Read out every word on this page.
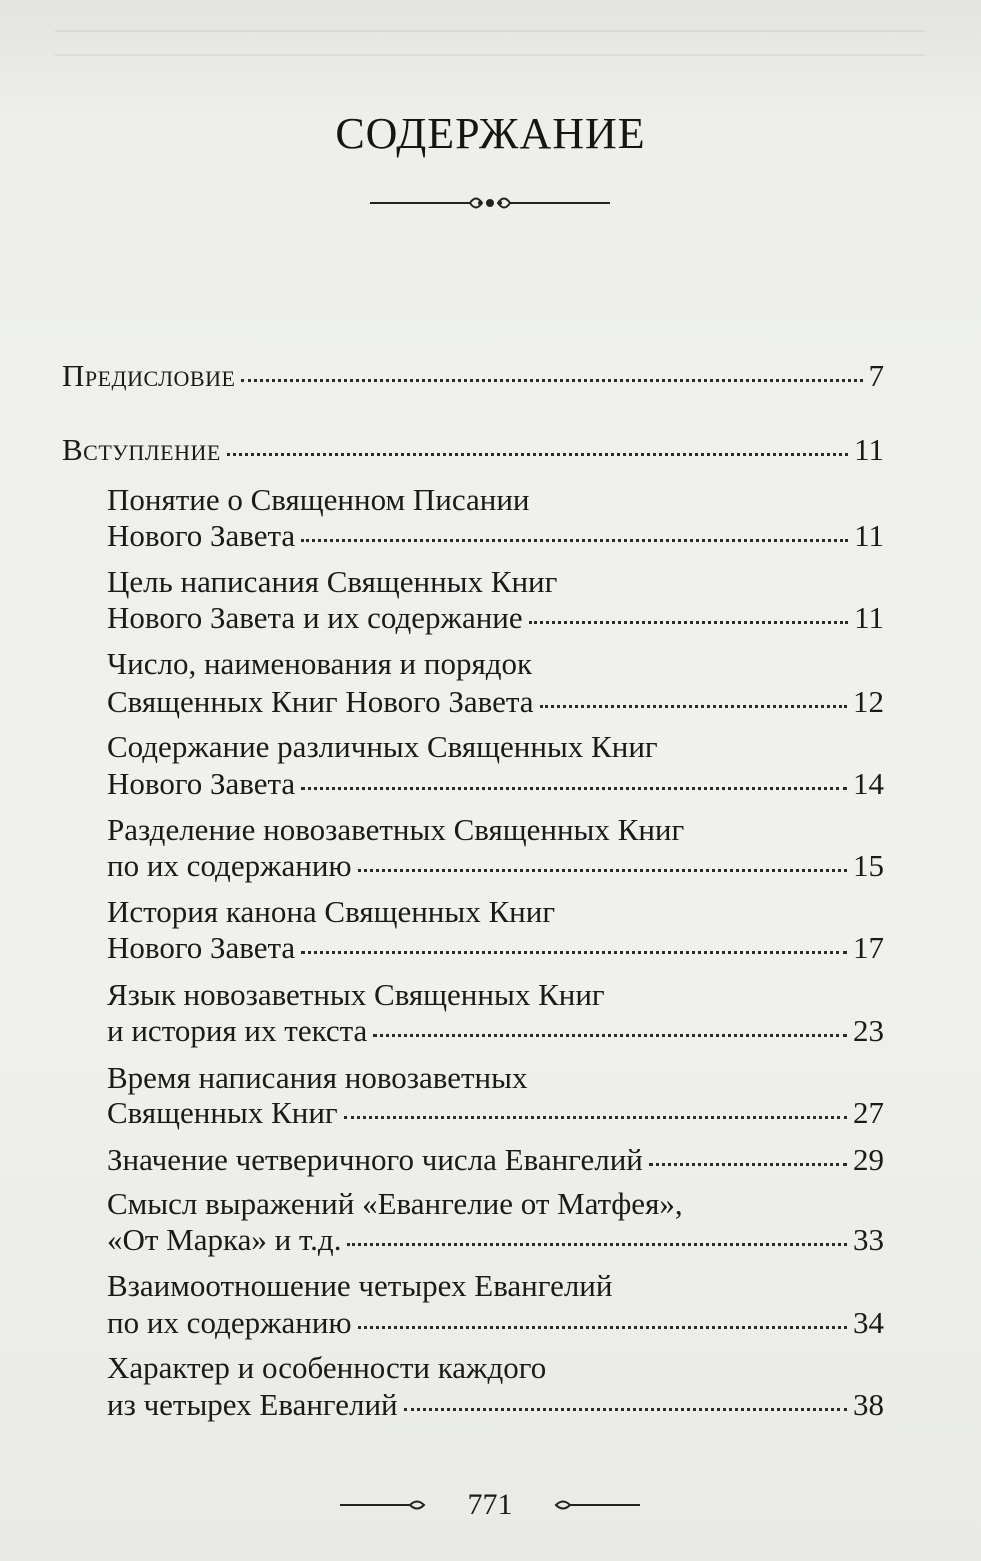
СОДЕРЖАНИЕ
Предисловие	7
Вступление	11
Понятие о Священном Писании
Нового Завета	11
Цель написания Священных Книг
Нового Завета и их содержание	11
Число, наименования и порядок
Священных Книг Нового Завета	12
Содержание различных Священных Книг
Нового Завета	14
Разделение новозаветных Священных Книг
по их содержанию	15
История канона Священных Книг
Нового Завета	17
Язык новозаветных Священных Книг
и история их текста	23
Время написания новозаветных
Священных Книг	27
Значение четверичного числа Евангелий	29
Смысл выражений «Евангелие от Матфея»,
«От Марка» и т.д.	33
Взаимоотношение четырех Евангелий
по их содержанию	34
Характер и особенности каждого
из четырех Евангелий	38
771
